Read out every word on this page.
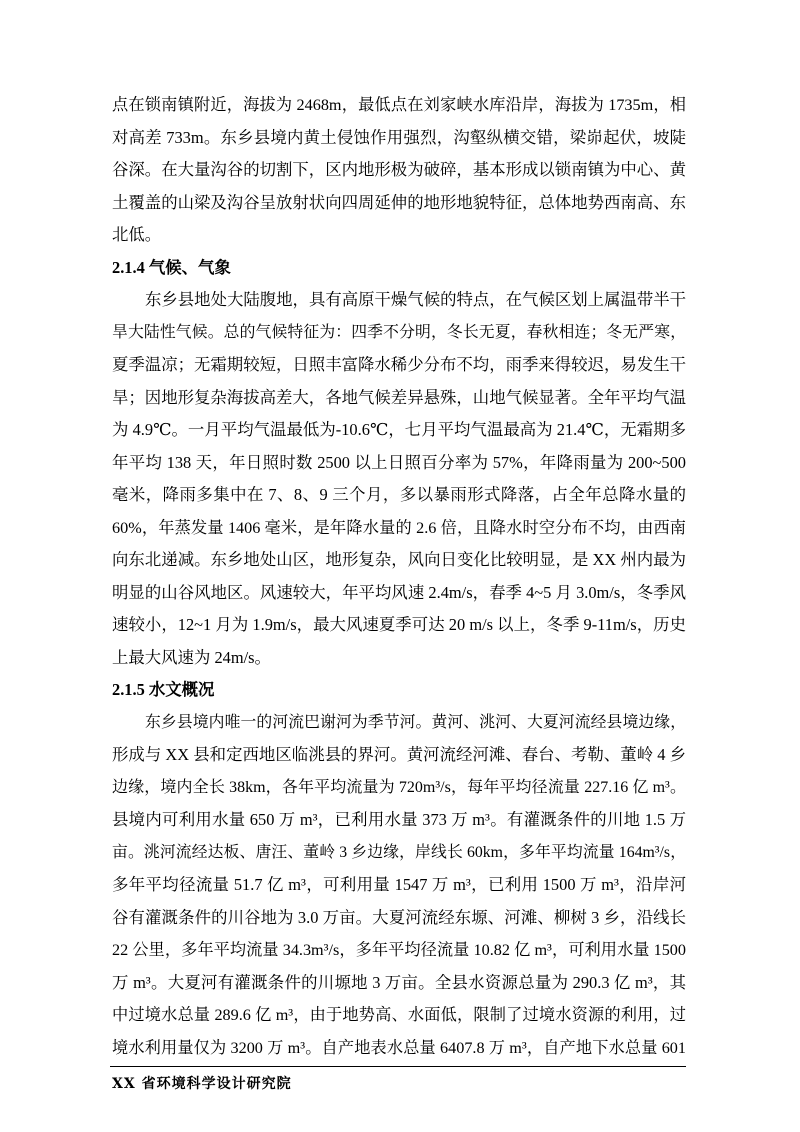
点在锁南镇附近，海拔为 2468m，最低点在刘家峡水库沿岸，海拔为 1735m，相
对高差 733m。东乡县境内黄土侵蚀作用强烈，沟壑纵横交错，梁峁起伏，坡陡
谷深。在大量沟谷的切割下，区内地形极为破碎，基本形成以锁南镇为中心、黄
土覆盖的山梁及沟谷呈放射状向四周延伸的地形地貌特征，总体地势西南高、东
北低。
2.1.4 气候、气象
东乡县地处大陆腹地，具有高原干燥气候的特点，在气候区划上属温带半干
旱大陆性气候。总的气候特征为：四季不分明，冬长无夏，春秋相连；冬无严寒，
夏季温凉；无霜期较短，日照丰富降水稀少分布不均，雨季来得较迟，易发生干
旱；因地形复杂海拔高差大，各地气候差异悬殊，山地气候显著。全年平均气温
为 4.9℃。一月平均气温最低为-10.6℃，七月平均气温最高为 21.4℃，无霜期多
年平均 138 天，年日照时数 2500 以上日照百分率为 57%，年降雨量为 200~500
毫米，降雨多集中在 7、8、9 三个月，多以暴雨形式降落，占全年总降水量的
60%，年蒸发量 1406 毫米，是年降水量的 2.6 倍，且降水时空分布不均，由西南
向东北递减。东乡地处山区，地形复杂，风向日变化比较明显，是 XX 州内最为
明显的山谷风地区。风速较大，年平均风速 2.4m/s，春季 4~5 月 3.0m/s，冬季风
速较小，12~1 月为 1.9m/s，最大风速夏季可达 20 m/s 以上，冬季 9-11m/s，历史
上最大风速为 24m/s。
2.1.5 水文概况
东乡县境内唯一的河流巴谢河为季节河。黄河、洮河、大夏河流经县境边缘，
形成与 XX 县和定西地区临洮县的界河。黄河流经河滩、春台、考勒、董岭 4 乡
边缘，境内全长 38km，各年平均流量为 720m³/s，每年平均径流量 227.16 亿 m³。
县境内可利用水量 650 万 m³，已利用水量 373 万 m³。有灌溉条件的川地 1.5 万
亩。洮河流经达板、唐汪、董岭 3 乡边缘，岸线长 60km，多年平均流量 164m³/s，
多年平均径流量 51.7 亿 m³，可利用量 1547 万 m³，已利用 1500 万 m³，沿岸河
谷有灌溉条件的川谷地为 3.0 万亩。大夏河流经东塬、河滩、柳树 3 乡，沿线长
22 公里，多年平均流量 34.3m³/s，多年平均径流量 10.82 亿 m³，可利用水量 1500
万 m³。大夏河有灌溉条件的川塬地 3 万亩。全县水资源总量为 290.3 亿 m³，其
中过境水总量 289.6 亿 m³，由于地势高、水面低，限制了过境水资源的利用，过
境水利用量仅为 3200 万 m³。自产地表水总量 6407.8 万 m³，自产地下水总量 601
XX 省环境科学设计研究院
